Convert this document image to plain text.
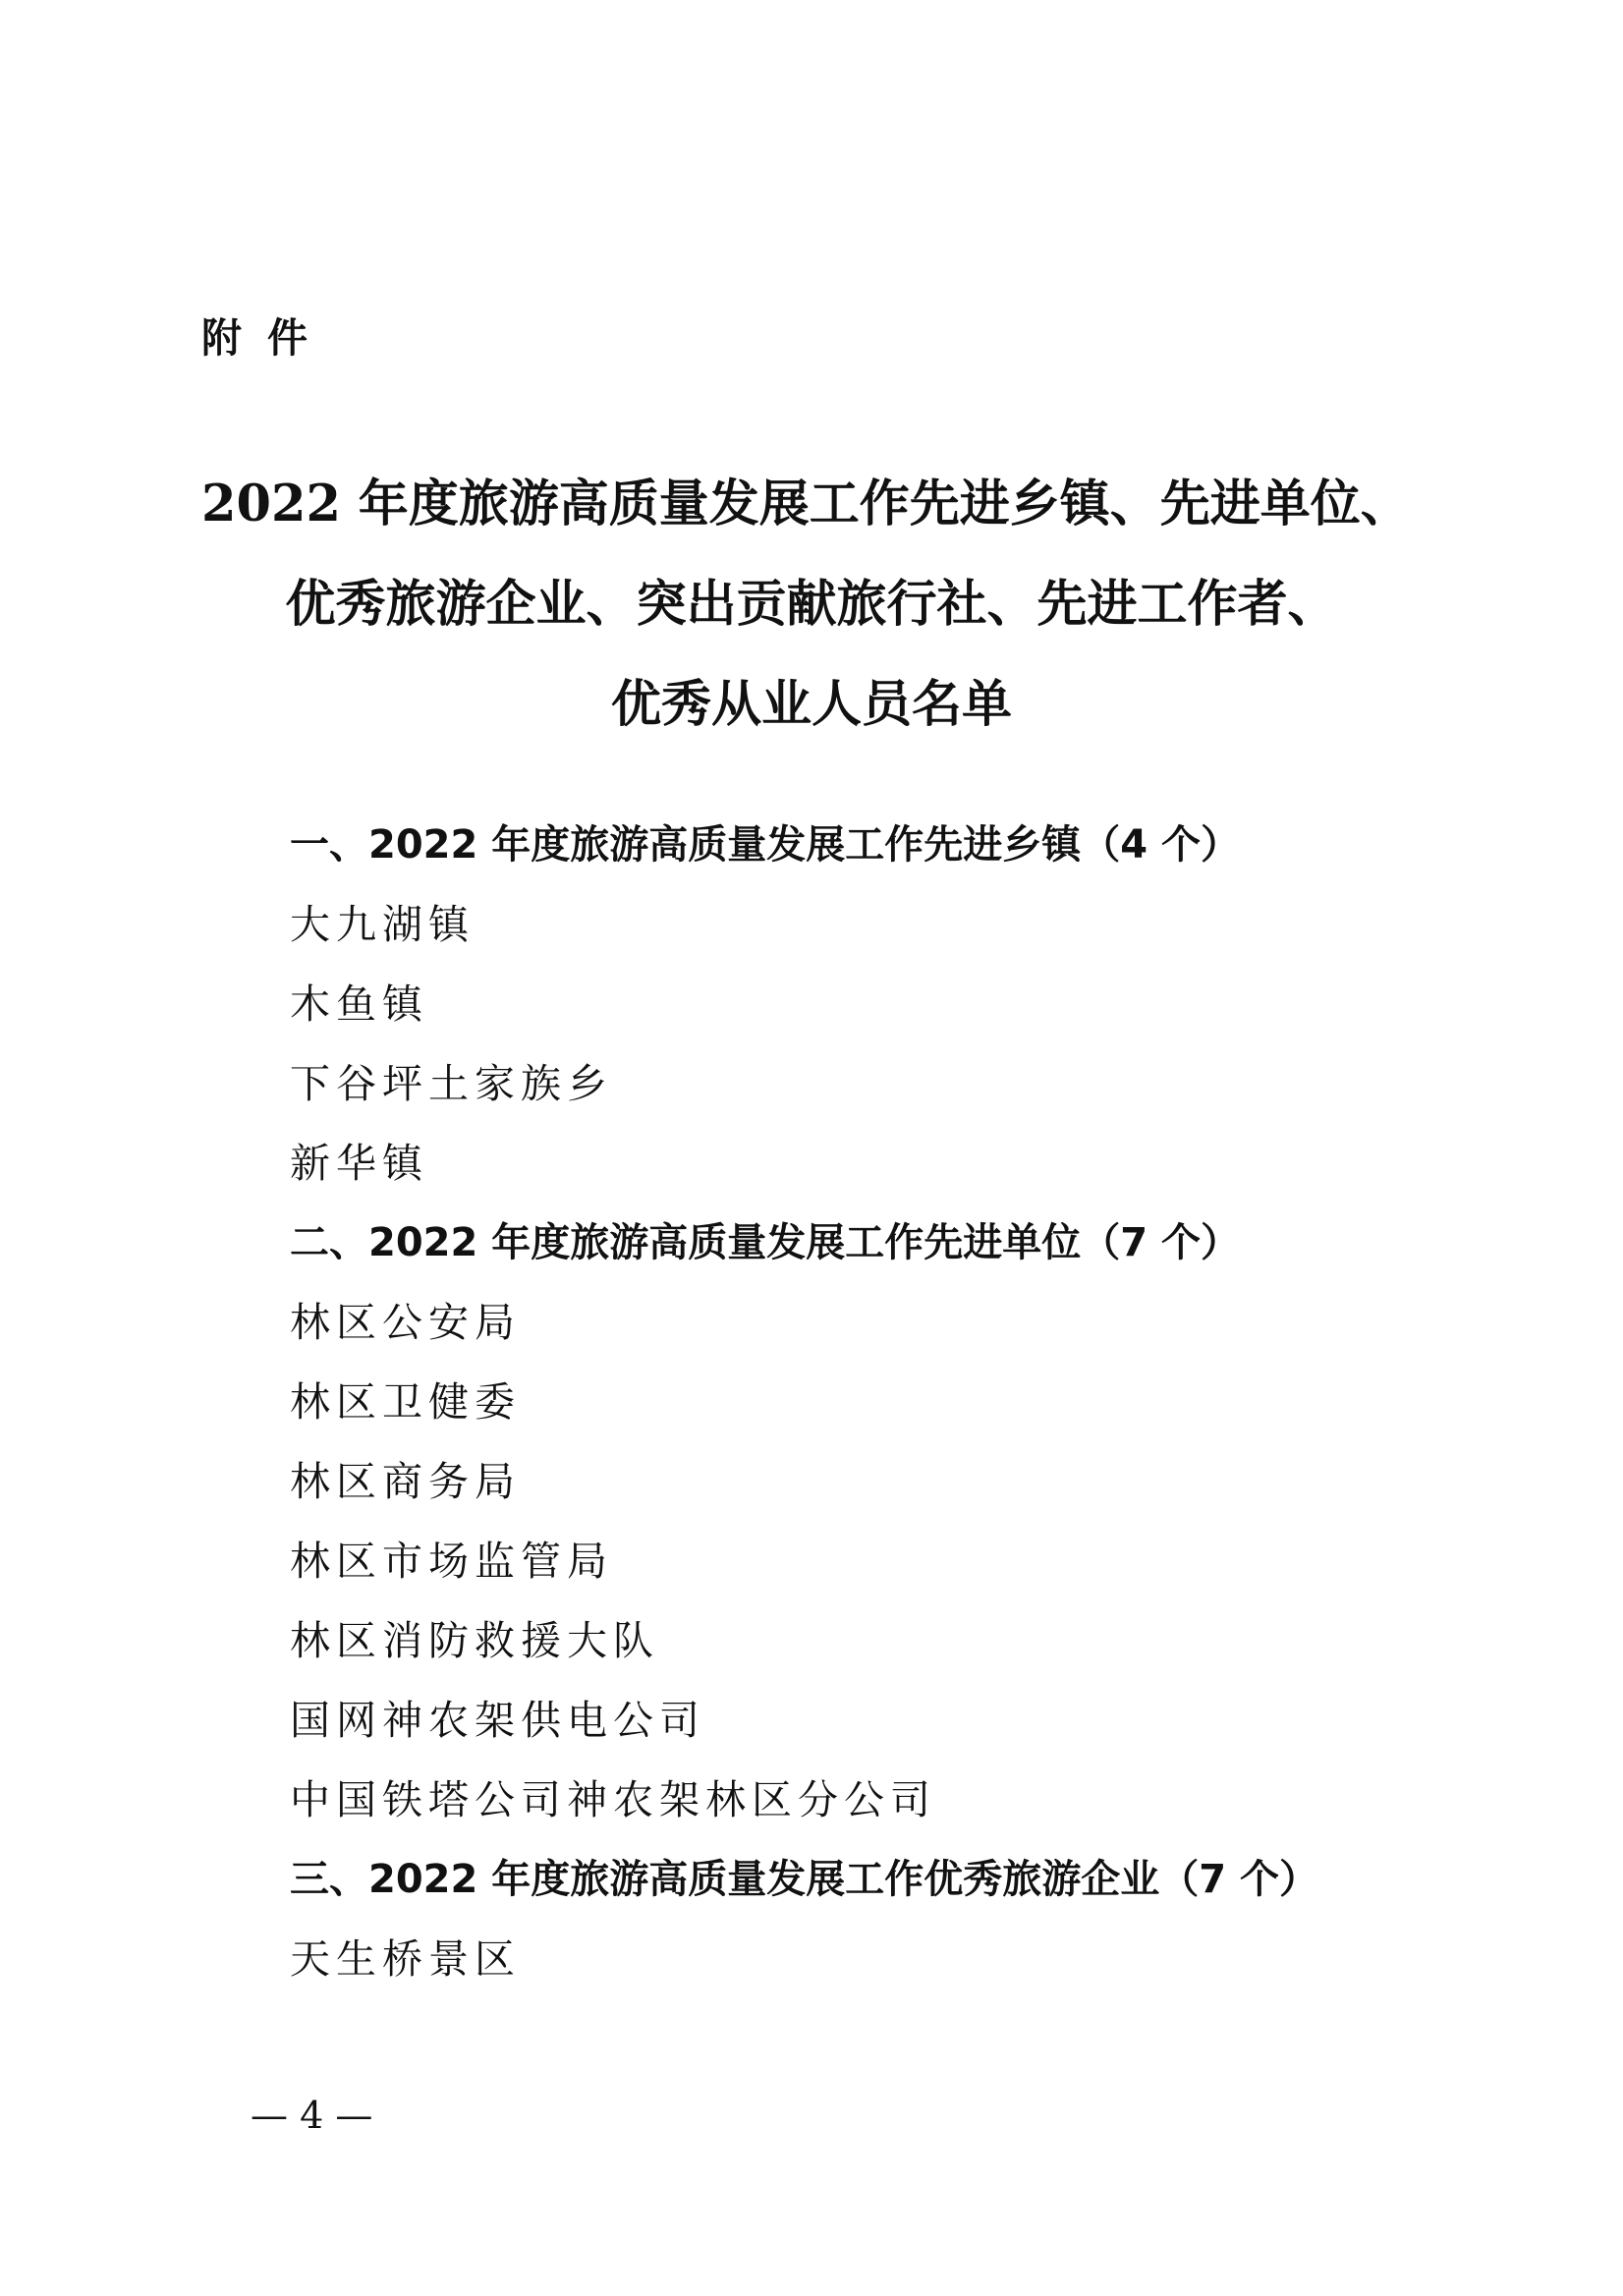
附件
2022 年度旅游高质量发展工作先进乡镇、先进单位、
优秀旅游企业、突出贡献旅行社、先进工作者、
优秀从业人员名单
一、2022 年度旅游高质量发展工作先进乡镇（4 个）
大九湖镇
木鱼镇
下谷坪土家族乡
新华镇
二、2022 年度旅游高质量发展工作先进单位（7 个）
林区公安局
林区卫健委
林区商务局
林区市场监管局
林区消防救援大队
国网神农架供电公司
中国铁塔公司神农架林区分公司
三、2022 年度旅游高质量发展工作优秀旅游企业（7 个）
天生桥景区
— 4 —
